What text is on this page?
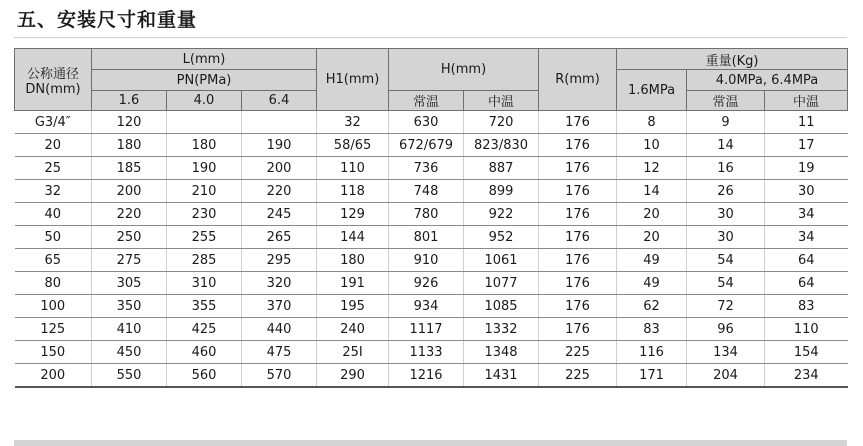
五、安装尺寸和重量
公称通径
DN(mm)	L(mm)			H1(mm)	H(mm)		R(mm)	重量(Kg)		
	PN(PMa)							1.6MPa	4.0MPa, 6.4MPa	
	1.6	4.0	6.4		常温	中温			常温	中温
G3/4″	120			32	630	720	176	8	9	11
20	180	180	190	58/65	672/679	823/830	176	10	14	17
25	185	190	200	110	736	887	176	12	16	19
32	200	210	220	118	748	899	176	14	26	30
40	220	230	245	129	780	922	176	20	30	34
50	250	255	265	144	801	952	176	20	30	34
65	275	285	295	180	910	1061	176	49	54	64
80	305	310	320	191	926	1077	176	49	54	64
100	350	355	370	195	934	1085	176	62	72	83
125	410	425	440	240	1117	1332	176	83	96	110
150	450	460	475	25I	1133	1348	225	116	134	154
200	550	560	570	290	1216	1431	225	171	204	234
